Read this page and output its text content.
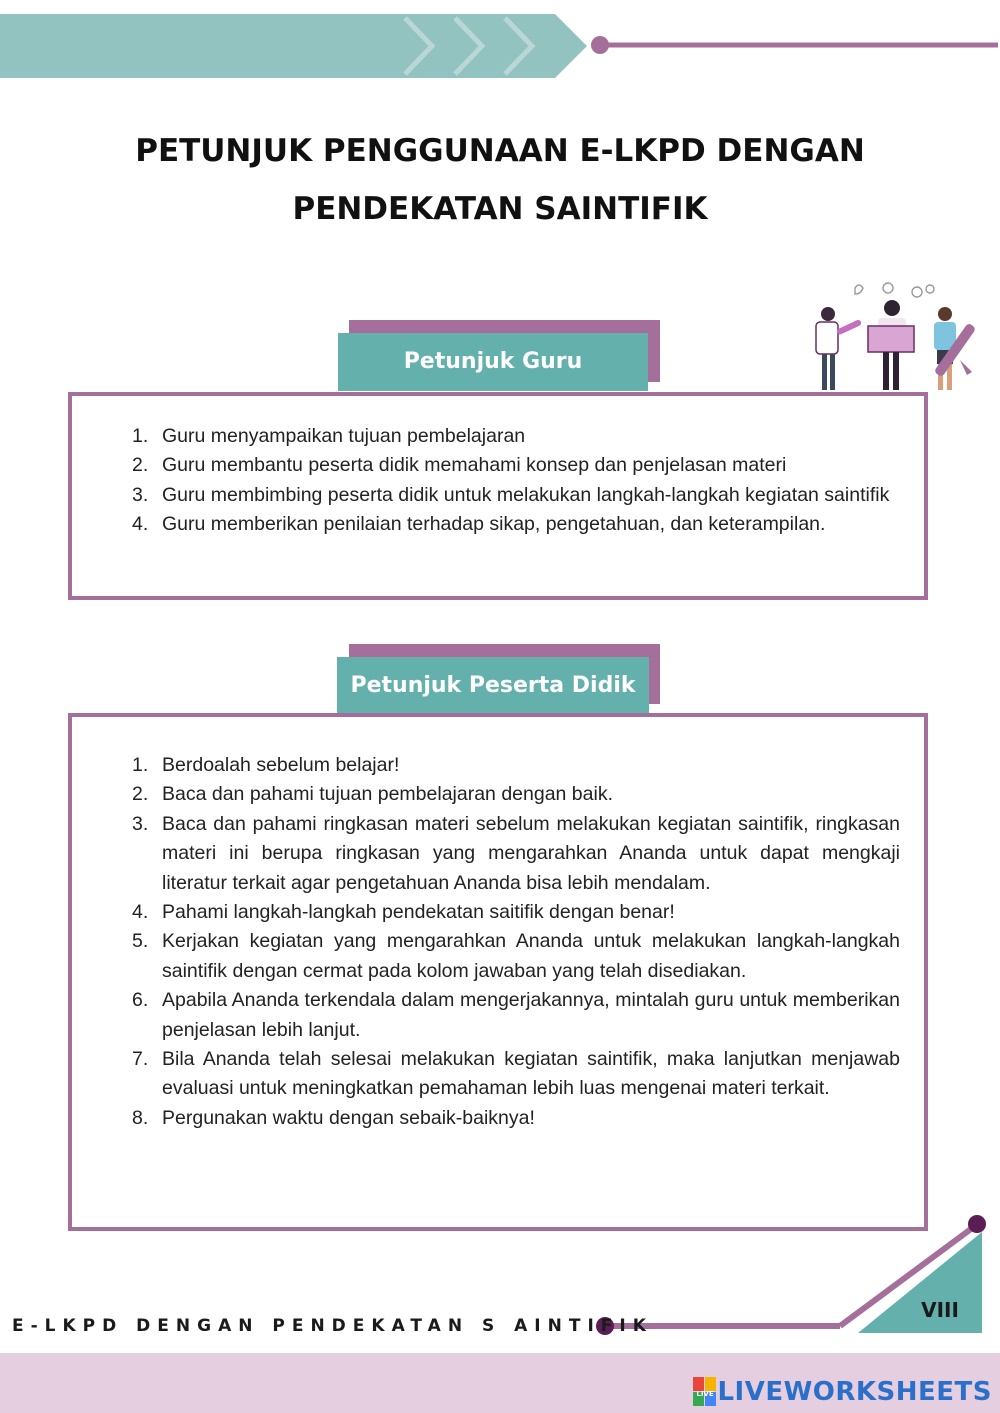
PETUNJUK PENGGUNAAN E-LKPD DENGAN
PENDEKATAN SAINTIFIK
Petunjuk Guru
1. Guru menyampaikan tujuan pembelajaran
2. Guru membantu peserta didik memahami konsep dan penjelasan materi
3. Guru membimbing peserta didik untuk melakukan langkah-langkah kegiatan saintifik
4. Guru memberikan penilaian terhadap sikap, pengetahuan, dan keterampilan.
Petunjuk Peserta Didik
1. Berdoalah sebelum belajar!
2. Baca dan pahami tujuan pembelajaran dengan baik.
3. Baca dan pahami ringkasan materi sebelum melakukan kegiatan saintifik, ringkasan materi ini berupa ringkasan yang mengarahkan Ananda untuk dapat mengkaji literatur terkait agar pengetahuan Ananda bisa lebih mendalam.
4. Pahami langkah-langkah pendekatan saitifik dengan benar!
5. Kerjakan kegiatan yang mengarahkan Ananda untuk melakukan langkah-langkah saintifik dengan cermat pada kolom jawaban yang telah disediakan.
6. Apabila Ananda terkendala dalam mengerjakannya, mintalah guru untuk memberikan penjelasan lebih lanjut.
7. Bila Ananda telah selesai melakukan kegiatan saintifik, maka lanjutkan menjawab evaluasi untuk meningkatkan pemahaman lebih luas mengenai materi terkait.
8. Pergunakan waktu dengan sebaik-baiknya!
VIII
E-LKPD DENGAN PENDEKATAN S AINTIFIK
LIVE LIVEWORKSHEETS
